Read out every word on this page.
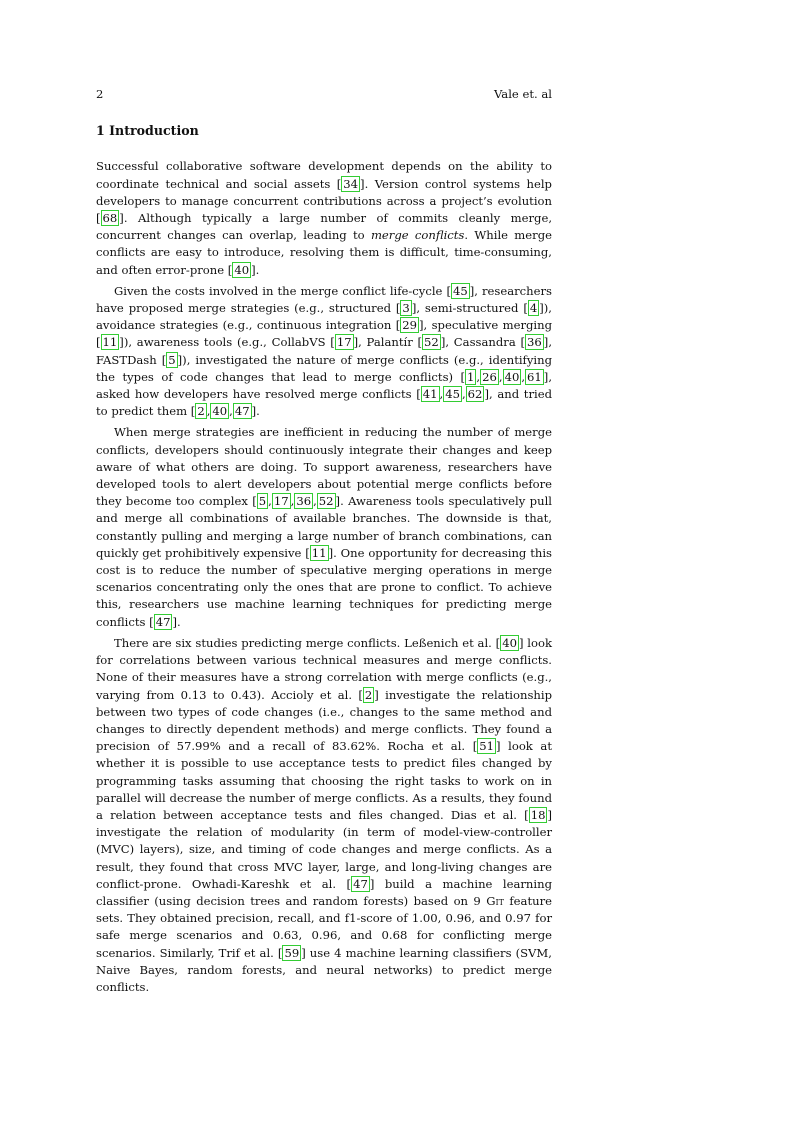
2	Vale et. al
1 Introduction

Successful collaborative software development depends on the ability to coordinate technical and social assets [ 34 ]. Version control systems help developers to manage concurrent contributions across a project’s evolution [ 68 ]. Although typically a large number of commits cleanly merge, concurrent changes can overlap, leading to merge conflicts. While merge conflicts are easy to introduce, resolving them is difficult, time-consuming, and often error-prone [ 40 ].

Given the costs involved in the merge conflict life-cycle [ 45 ], researchers have proposed merge strategies (e.g., structured [ 3 ], semi-structured [ 4 ]), avoidance strategies (e.g., continuous integration [ 29 ], speculative merging [ 11 ]), awareness tools (e.g., CollabVS [ 17 ], Palantír [ 52 ], Cassandra [ 36 ], FASTDash [ 5 ]), investigated the nature of merge conflicts (e.g., identifying the types of code changes that lead to merge conflicts) [ 1 , 26 , 40 , 61 ], asked how developers have resolved merge conflicts [ 41 , 45 , 62 ], and tried to predict them [ 2 , 40 , 47 ].

When merge strategies are inefficient in reducing the number of merge conflicts, developers should continuously integrate their changes and keep aware of what others are doing. To support awareness, researchers have developed tools to alert developers about potential merge conflicts before they become too complex [ 5 , 17 , 36 , 52 ]. Awareness tools speculatively pull and merge all combinations of available branches. The downside is that, constantly pulling and merging a large number of branch combinations, can quickly get prohibitively expensive [ 11 ]. One opportunity for decreasing this cost is to reduce the number of speculative merging operations in merge scenarios concentrating only the ones that are prone to conflict. To achieve this, researchers use machine learning techniques for predicting merge conflicts [ 47 ].

There are six studies predicting merge conflicts. Leßenich et al. [ 40 ] look for correlations between various technical measures and merge conflicts. None of their measures have a strong correlation with merge conflicts (e.g., varying from 0.13 to 0.43). Accioly et al. [ 2 ] investigate the relationship between two types of code changes (i.e., changes to the same method and changes to directly dependent methods) and merge conflicts. They found a precision of 57.99% and a recall of 83.62%. Rocha et al. [ 51 ] look at whether it is possible to use acceptance tests to predict files changed by programming tasks assuming that choosing the right tasks to work on in parallel will decrease the number of merge conflicts. As a results, they found a relation between acceptance tests and files changed. Dias et al. [ 18 ] investigate the relation of modularity (in term of model-view-controller (MVC) layers), size, and timing of code changes and merge conflicts. As a result, they found that cross MVC layer, large, and long-living changes are conflict-prone. Owhadi-Kareshk et al. [ 47 ] build a machine learning classifier (using decision trees and random forests) based on 9 Git feature sets. They obtained precision, recall, and f1-score of 1.00, 0.96, and 0.97 for safe merge scenarios and 0.63, 0.96, and 0.68 for conflicting merge scenarios. Similarly, Trif et al. [ 59 ] use 4 machine learning classifiers (SVM, Naive Bayes, random forests, and neural networks) to predict merge conflicts.
